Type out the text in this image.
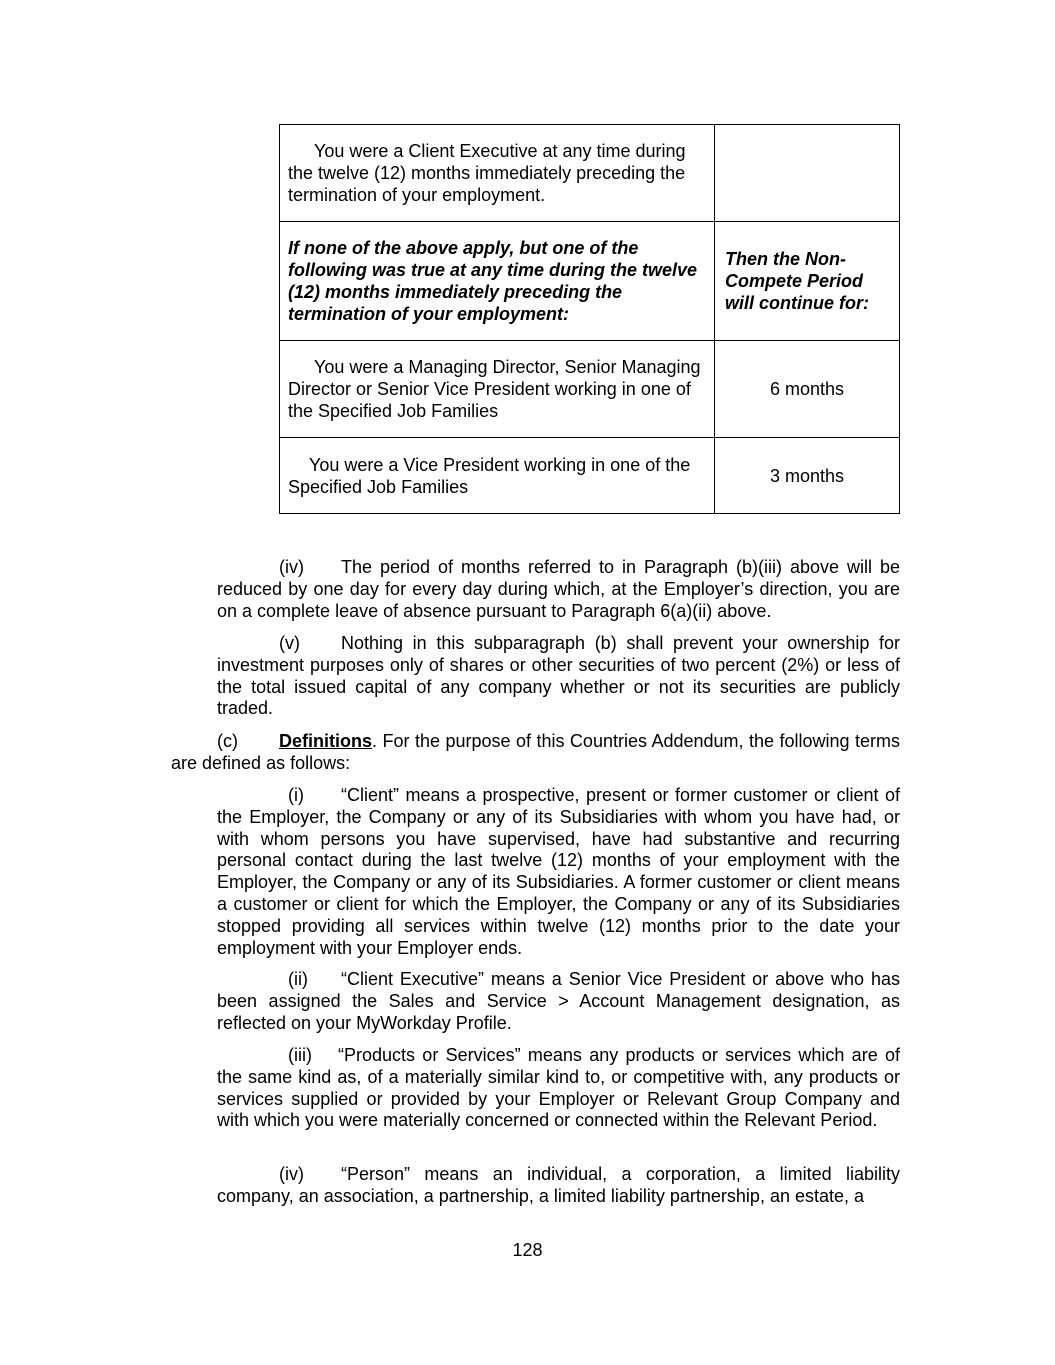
You were a Client Executive at any time during the twelve (12) months immediately preceding the termination of your employment.	
If none of the above apply, but one of the following was true at any time during the twelve (12) months immediately preceding the termination of your employment:	Then the Non-Compete Period will continue for:
You were a Managing Director, Senior Managing Director or Senior Vice President working in one of the Specified Job Families	6 months
You were a Vice President working in one of the Specified Job Families	3 months
(iv) The period of months referred to in Paragraph (b)(iii) above will be reduced by one day for every day during which, at the Employer’s direction, you are on a complete leave of absence pursuant to Paragraph 6(a)(ii) above.
(v) Nothing in this subparagraph (b) shall prevent your ownership for investment purposes only of shares or other securities of two percent (2%) or less of the total issued capital of any company whether or not its securities are publicly traded.
(c) Definitions. For the purpose of this Countries Addendum, the following terms are defined as follows:
(i) “Client” means a prospective, present or former customer or client of the Employer, the Company or any of its Subsidiaries with whom you have had, or with whom persons you have supervised, have had substantive and recurring personal contact during the last twelve (12) months of your employment with the Employer, the Company or any of its Subsidiaries. A former customer or client means a customer or client for which the Employer, the Company or any of its Subsidiaries stopped providing all services within twelve (12) months prior to the date your employment with your Employer ends.
(ii) “Client Executive” means a Senior Vice President or above who has been assigned the Sales and Service > Account Management designation, as reflected on your MyWorkday Profile.
(iii) “Products or Services” means any products or services which are of the same kind as, of a materially similar kind to, or competitive with, any products or services supplied or provided by your Employer or Relevant Group Company and with which you were materially concerned or connected within the Relevant Period.
(iv) “Person” means an individual, a corporation, a limited liability company, an association, a partnership, a limited liability partnership, an estate, a
128
